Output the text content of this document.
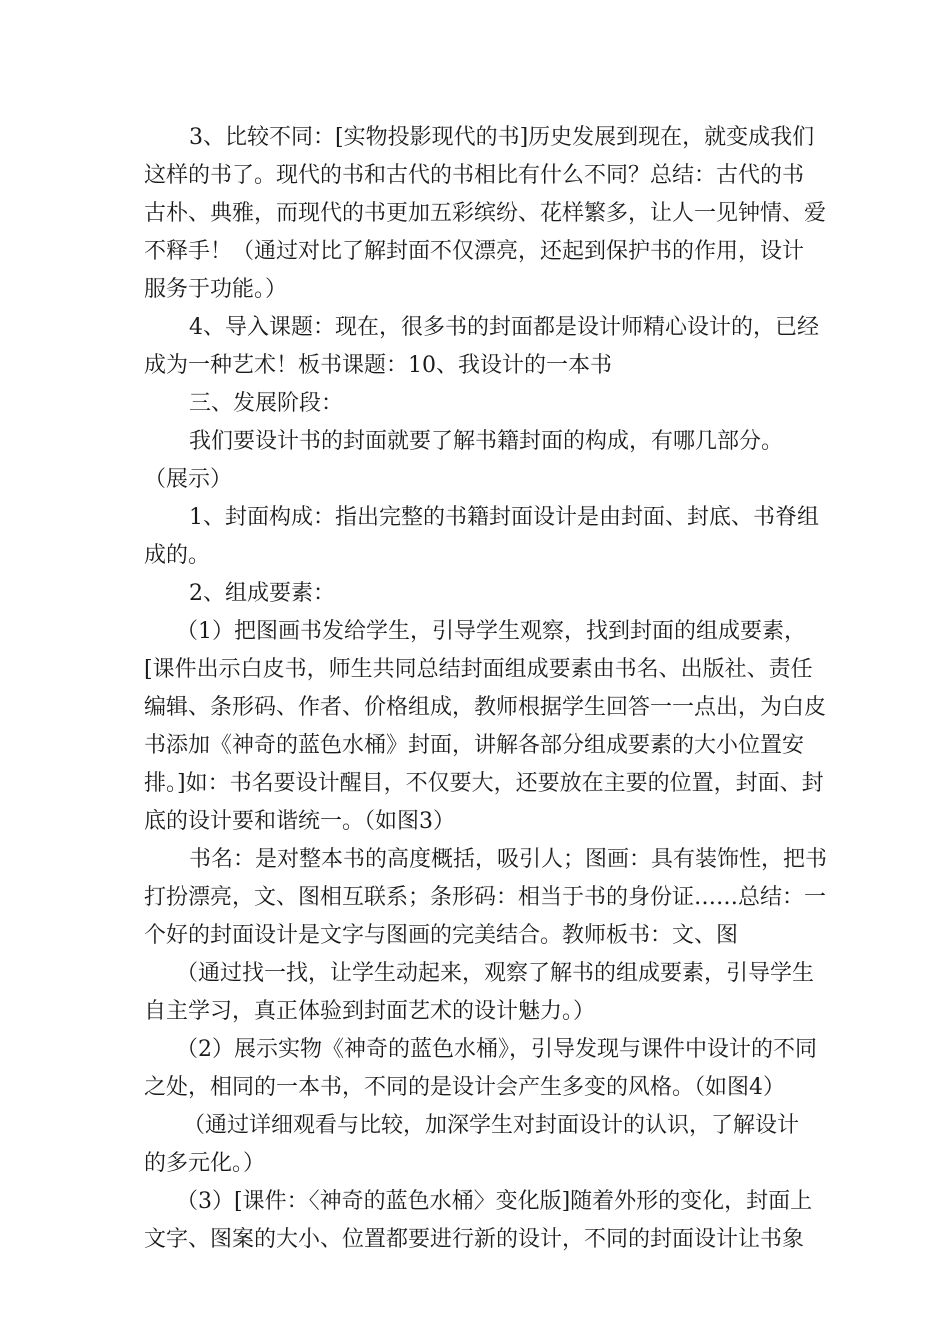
3、比较不同：[实物投影现代的书]历史发展到现在，就变成我们
这样的书了。现代的书和古代的书相比有什么不同？总结：古代的书
古朴、典雅，而现代的书更加五彩缤纷、花样繁多，让人一见钟情、爱
不释手！（通过对比了解封面不仅漂亮，还起到保护书的作用，设计
服务于功能。）
4、导入课题：现在，很多书的封面都是设计师精心设计的，已经
成为一种艺术！板书课题：10、我设计的一本书
三、发展阶段：
我们要设计书的封面就要了解书籍封面的构成，有哪几部分。
（展示）
1、封面构成：指出完整的书籍封面设计是由封面、封底、书脊组
成的。
2、组成要素：
（1）把图画书发给学生，引导学生观察，找到封面的组成要素，
[课件出示白皮书，师生共同总结封面组成要素由书名、出版社、责任
编辑、条形码、作者、价格组成，教师根据学生回答一一点出，为白皮
书添加《神奇的蓝色水桶》封面，讲解各部分组成要素的大小位置安
排。]如：书名要设计醒目，不仅要大，还要放在主要的位置，封面、封
底的设计要和谐统一。（如图3）
书名：是对整本书的高度概括，吸引人；图画：具有装饰性，把书
打扮漂亮，文、图相互联系；条形码：相当于书的身份证……总结：一
个好的封面设计是文字与图画的完美结合。教师板书：文、图
（通过找一找，让学生动起来，观察了解书的组成要素，引导学生
自主学习，真正体验到封面艺术的设计魅力。）
（2）展示实物《神奇的蓝色水桶》，引导发现与课件中设计的不同
之处，相同的一本书，不同的是设计会产生多变的风格。（如图4）
（通过详细观看与比较，加深学生对封面设计的认识，了解设计
的多元化。）
（3）[课件：〈神奇的蓝色水桶〉变化版]随着外形的变化，封面上
文字、图案的大小、位置都要进行新的设计，不同的封面设计让书象
